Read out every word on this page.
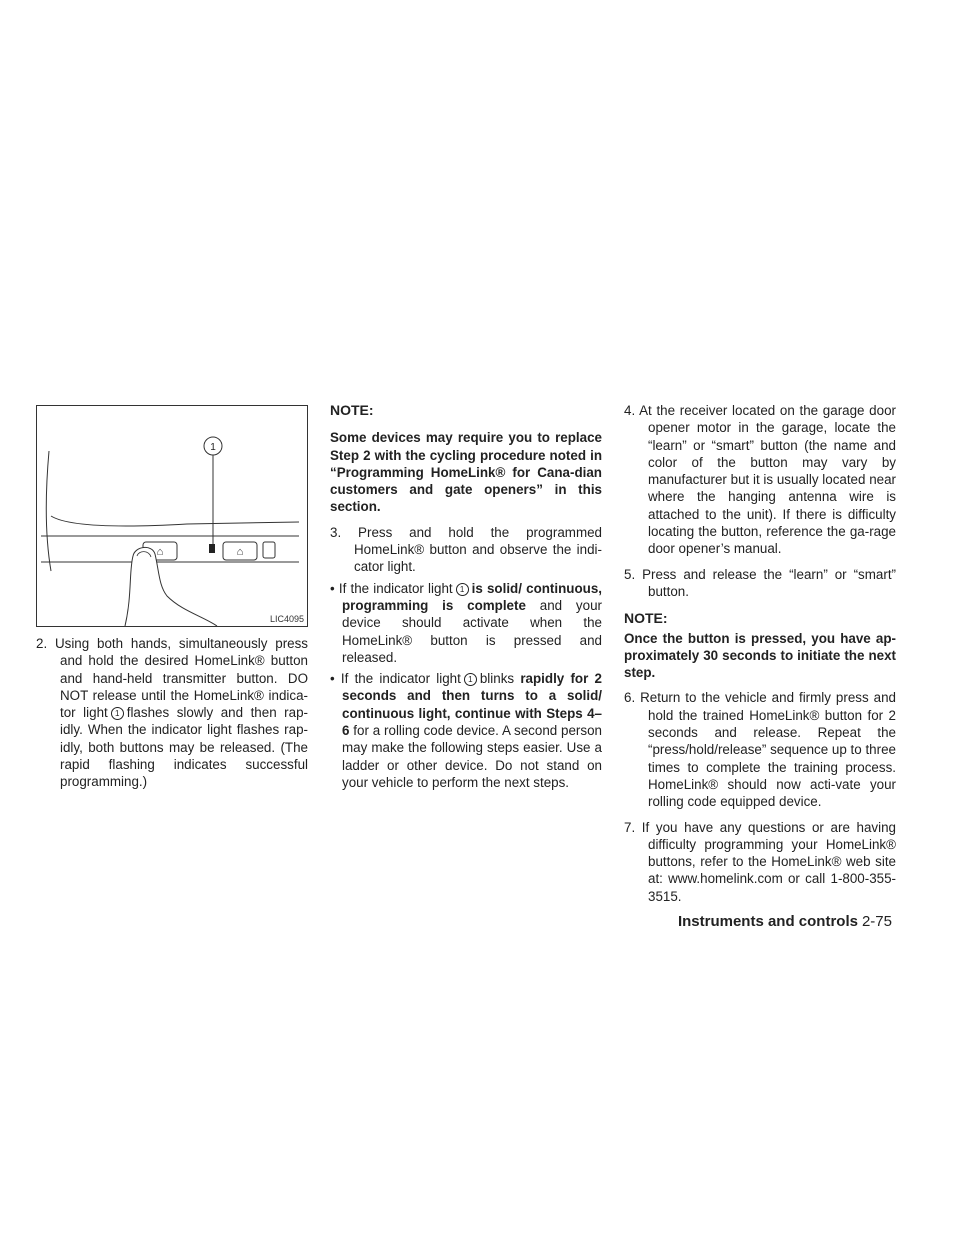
⌂	⌂
1
LIC4095

2. Using both hands, simultaneously press and hold the desired HomeLink® button and hand-held transmitter button. DO NOT release until the HomeLink® indica-tor light 1 flashes slowly and then rap-idly. When the indicator light flashes rap-idly, both buttons may be released. (The rapid flashing indicates successful programming.)

NOTE:

Some devices may require you to replace Step 2 with the cycling procedure noted in “Programming HomeLink® for Cana-dian customers and gate openers” in this section.

3. Press and hold the programmed HomeLink® button and observe the indi-cator light.

• If the indicator light 1 is solid/ continuous, programming is complete and your device should activate when the HomeLink® button is pressed and released.

• If the indicator light 1 blinks rapidly for 2 seconds and then turns to a solid/ continuous light, continue with Steps 4–6 for a rolling code device. A second person may make the following steps easier. Use a ladder or other device. Do not stand on your vehicle to perform the next steps.

4. At the receiver located on the garage door opener motor in the garage, locate the “learn” or “smart” button (the name and color of the button may vary by manufacturer but it is usually located near where the hanging antenna wire is attached to the unit). If there is difficulty locating the button, reference the ga-rage door opener’s manual.

5. Press and release the “learn” or “smart” button.

NOTE:

Once the button is pressed, you have ap-proximately 30 seconds to initiate the next step.

6. Return to the vehicle and firmly press and hold the trained HomeLink® button for 2 seconds and release. Repeat the “press/hold/release” sequence up to three times to complete the training process. HomeLink® should now acti-vate your rolling code equipped device.

7. If you have any questions or are having difficulty programming your HomeLink® buttons, refer to the HomeLink® web site at: www.homelink.com or call 1-800-355-3515.

Instruments and controls 2-75
